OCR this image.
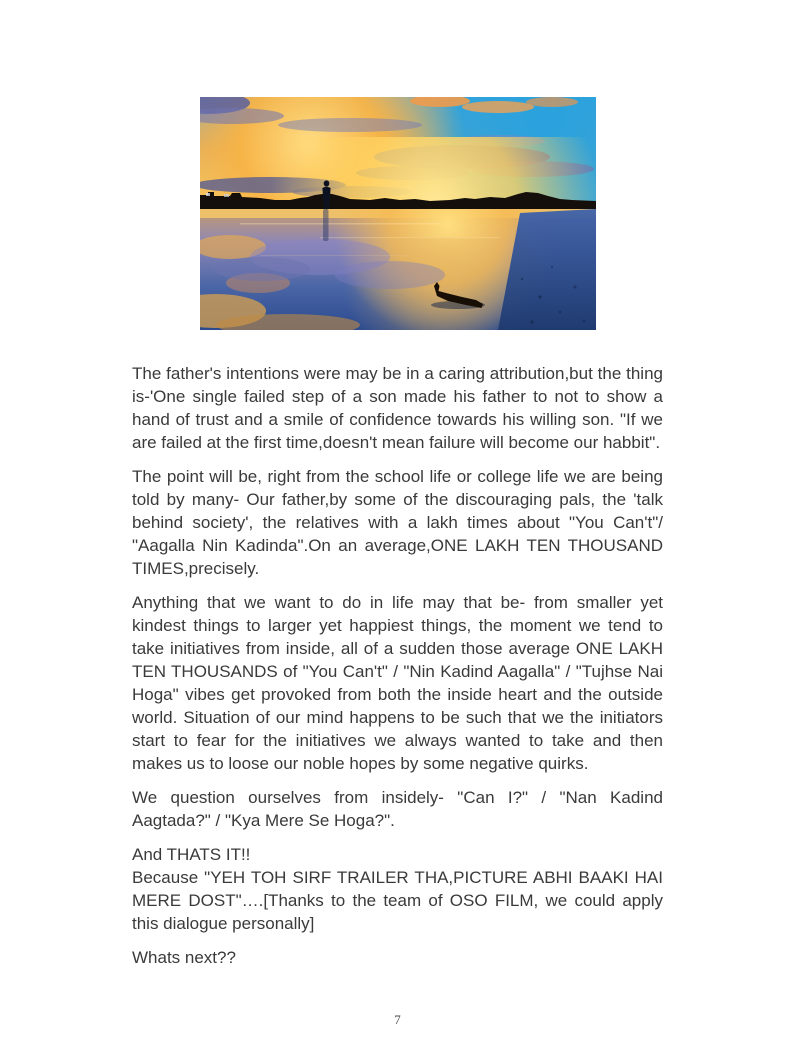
The father's intentions were may be in a caring attribution,but the thing is-'One single failed step of a son made his father to not to show a hand of trust and a smile of confidence towards his willing son. "If we are failed at the first time,doesn't mean failure will become our habbit".

The point will be, right from the school life or college life we are being told by many- Our father,by some of the discouraging pals, the 'talk behind society', the relatives with a lakh times about "You Can't"/ "Aagalla Nin Kadinda".On an average,ONE LAKH TEN THOUSAND TIMES,precisely.

Anything that we want to do in life may that be- from smaller yet kindest things to larger yet happiest things, the moment we tend to take initiatives from inside, all of a sudden those average ONE LAKH TEN THOUSANDS of "You Can't" / "Nin Kadind Aagalla" / "Tujhse Nai Hoga" vibes get provoked from both the inside heart and the outside world. Situation of our mind happens to be such that we the initiators start to fear for the initiatives we always wanted to take and then makes us to loose our noble hopes by some negative quirks.

We question ourselves from insidely- "Can I?" / "Nan Kadind Aagtada?" / "Kya Mere Se Hoga?".

And THATS IT!!
Because "YEH TOH SIRF TRAILER THA,PICTURE ABHI BAAKI HAI MERE DOST"….[Thanks to the team of OSO FILM, we could apply this dialogue personally]

Whats next??

7
